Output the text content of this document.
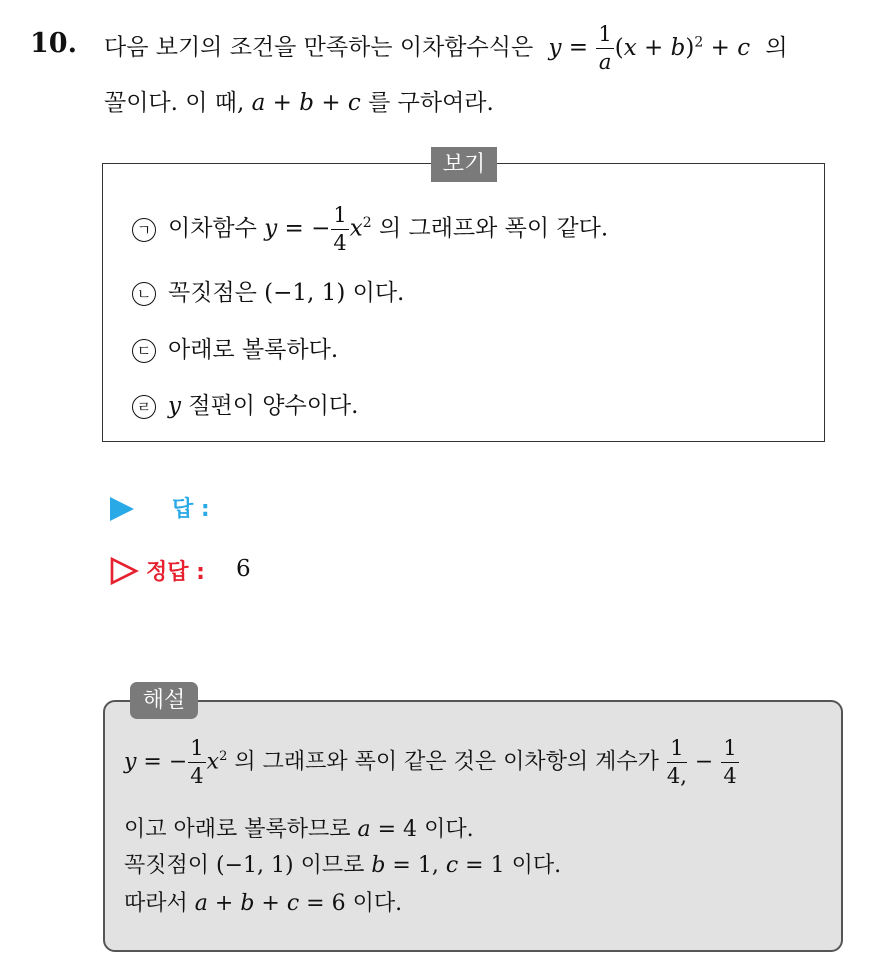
10. 다음 보기의 조건을 만족하는 이차함수식은 $y = \frac{1}{a} (x + b)^2 + c$ 의
꼴이다. 이 때, a + b + c 를 구하여라.
보기
ㄱ 이차함수 y = − $\frac{1}{4} x^2$ 의 그래프와 폭이 같다.
ㄴ 꼭짓점은 (−1, 1) 이다.
ㄷ 아래로 볼록하다.
ㄹ y 절편이 양수이다.
답 :
정답 : 6
해설
y = − $\frac{1}{4} x^2$ 의 그래프와 폭이 같은 것은 이차항의 계수가 $\frac{1}{4,} - \frac{1}{4}$
이고 아래로 볼록하므로 a = 4 이다.
꼭짓점이 (−1, 1) 이므로 b = 1, c = 1 이다.
따라서 a + b + c = 6 이다.
